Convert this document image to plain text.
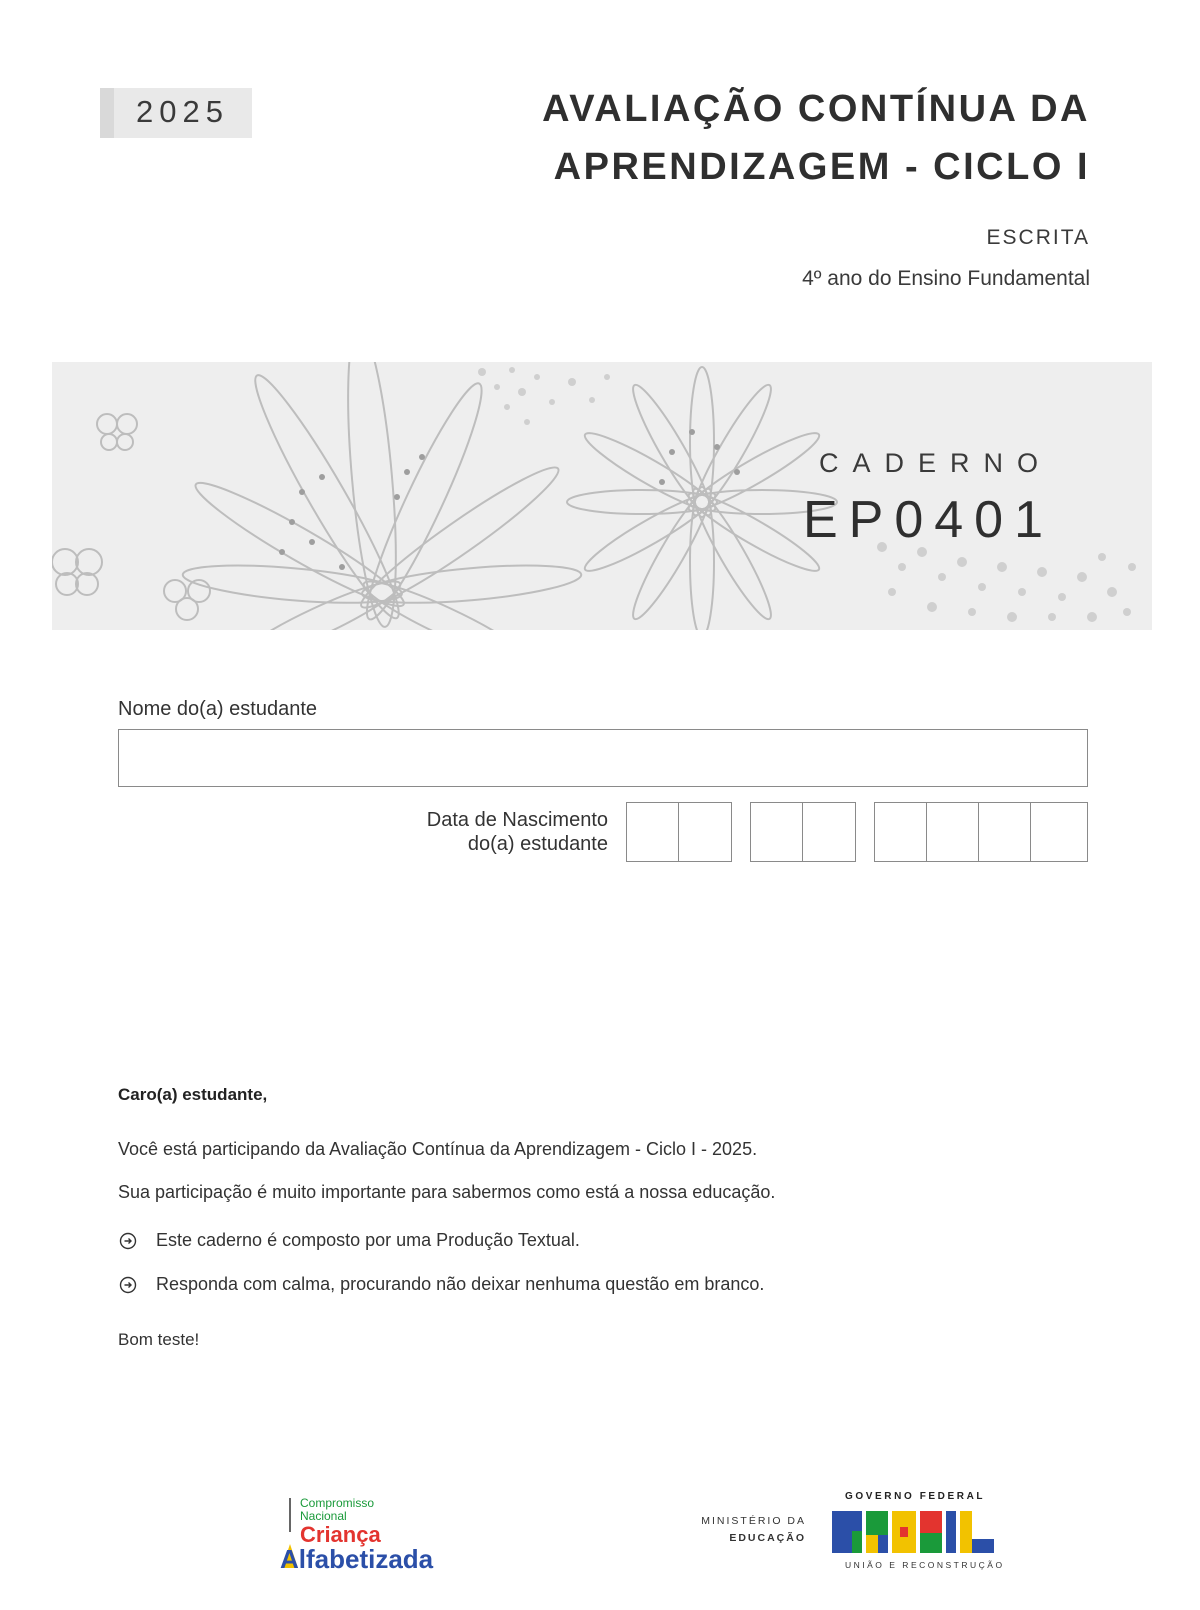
2025	AVALIAÇÃO CONTÍNUA DA
APRENDIZAGEM - CICLO I
ESCRITA
4º ano do Ensino Fundamental
CADERNO
EP0401
Nome do(a) estudante
Data de Nascimento
do(a) estudante
Caro(a) estudante,
Você está participando da Avaliação Contínua da Aprendizagem - Ciclo I - 2025.
Sua participação é muito importante para sabermos como está a nossa educação.
Este caderno é composto por uma Produção Textual.
Responda com calma, procurando não deixar nenhuma questão em branco.
Bom teste!
Compromisso
Nacional
Criança
Alfabetizada
MINISTÉRIO DA
EDUCAÇÃO
GOVERNO FEDERAL
BRASIL
UNIÃO E RECONSTRUÇÃO
